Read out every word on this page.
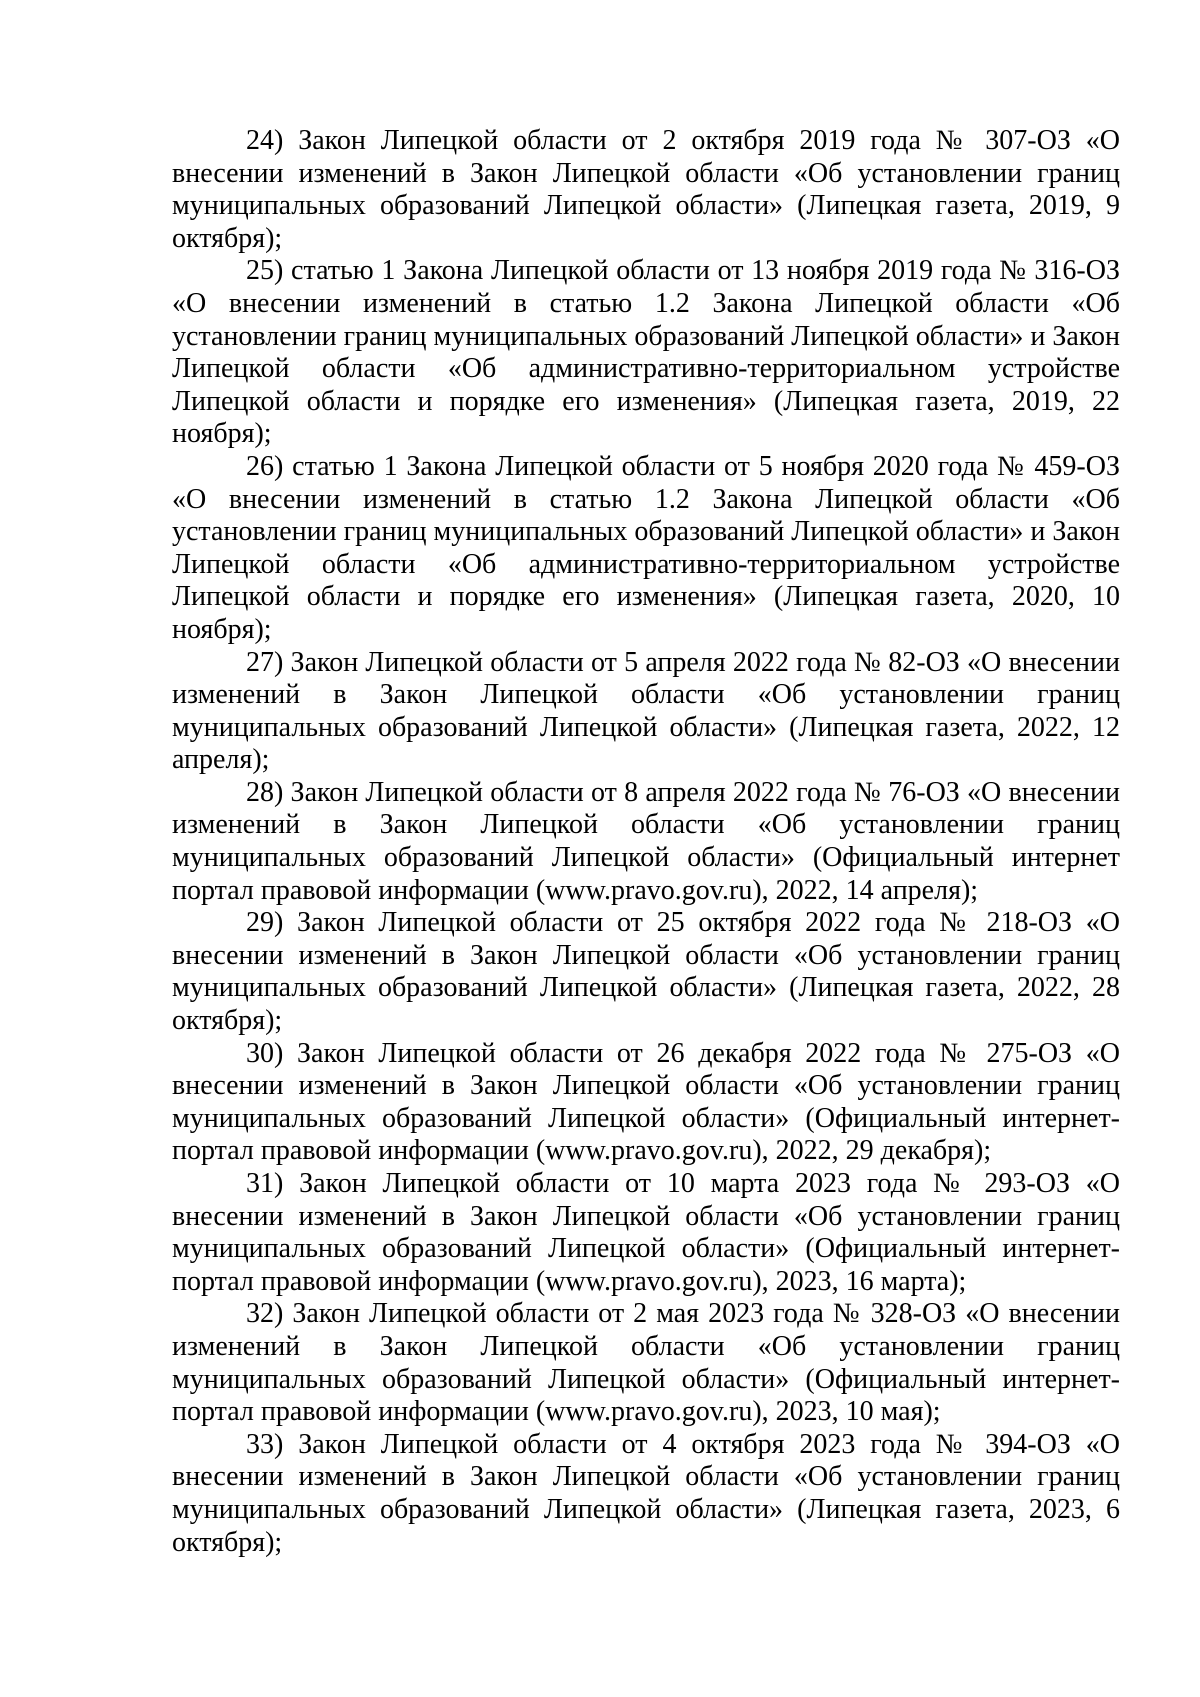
24) Закон Липецкой области от 2 октября 2019 года № 307-ОЗ «О внесении изменений в Закон Липецкой области «Об установлении границ муниципальных образований Липецкой области» (Липецкая газета, 2019, 9 октября);

25) статью 1 Закона Липецкой области от 13 ноября 2019 года № 316-ОЗ «О внесении изменений в статью 1.2 Закона Липецкой области «Об установлении границ муниципальных образований Липецкой области» и Закон Липецкой области «Об административно-территориальном устройстве Липецкой области и порядке его изменения» (Липецкая газета, 2019, 22 ноября);

26) статью 1 Закона Липецкой области от 5 ноября 2020 года № 459-ОЗ «О внесении изменений в статью 1.2 Закона Липецкой области «Об установлении границ муниципальных образований Липецкой области» и Закон Липецкой области «Об административно-территориальном устройстве Липецкой области и порядке его изменения» (Липецкая газета, 2020, 10 ноября);

27) Закон Липецкой области от 5 апреля 2022 года № 82-ОЗ «О внесении изменений в Закон Липецкой области «Об установлении границ муниципальных образований Липецкой области» (Липецкая газета, 2022, 12 апреля);

28) Закон Липецкой области от 8 апреля 2022 года № 76-ОЗ «О внесении изменений в Закон Липецкой области «Об установлении границ муниципальных образований Липецкой области» (Официальный интернет портал правовой информации (www.pravo.gov.ru), 2022, 14 апреля);

29) Закон Липецкой области от 25 октября 2022 года № 218-ОЗ «О внесении изменений в Закон Липецкой области «Об установлении границ муниципальных образований Липецкой области» (Липецкая газета, 2022, 28 октября);

30) Закон Липецкой области от 26 декабря 2022 года № 275-ОЗ «О внесении изменений в Закон Липецкой области «Об установлении границ муниципальных образований Липецкой области» (Официальный интернет-портал правовой информации (www.pravo.gov.ru), 2022, 29 декабря);

31) Закон Липецкой области от 10 марта 2023 года № 293-ОЗ «О внесении изменений в Закон Липецкой области «Об установлении границ муниципальных образований Липецкой области» (Официальный интернет-портал правовой информации (www.pravo.gov.ru), 2023, 16 марта);

32) Закон Липецкой области от 2 мая 2023 года № 328-ОЗ «О внесении изменений в Закон Липецкой области «Об установлении границ муниципальных образований Липецкой области» (Официальный интернет-портал правовой информации (www.pravo.gov.ru), 2023, 10 мая);

33) Закон Липецкой области от 4 октября 2023 года № 394-ОЗ «О внесении изменений в Закон Липецкой области «Об установлении границ муниципальных образований Липецкой области» (Липецкая газета, 2023, 6 октября);
